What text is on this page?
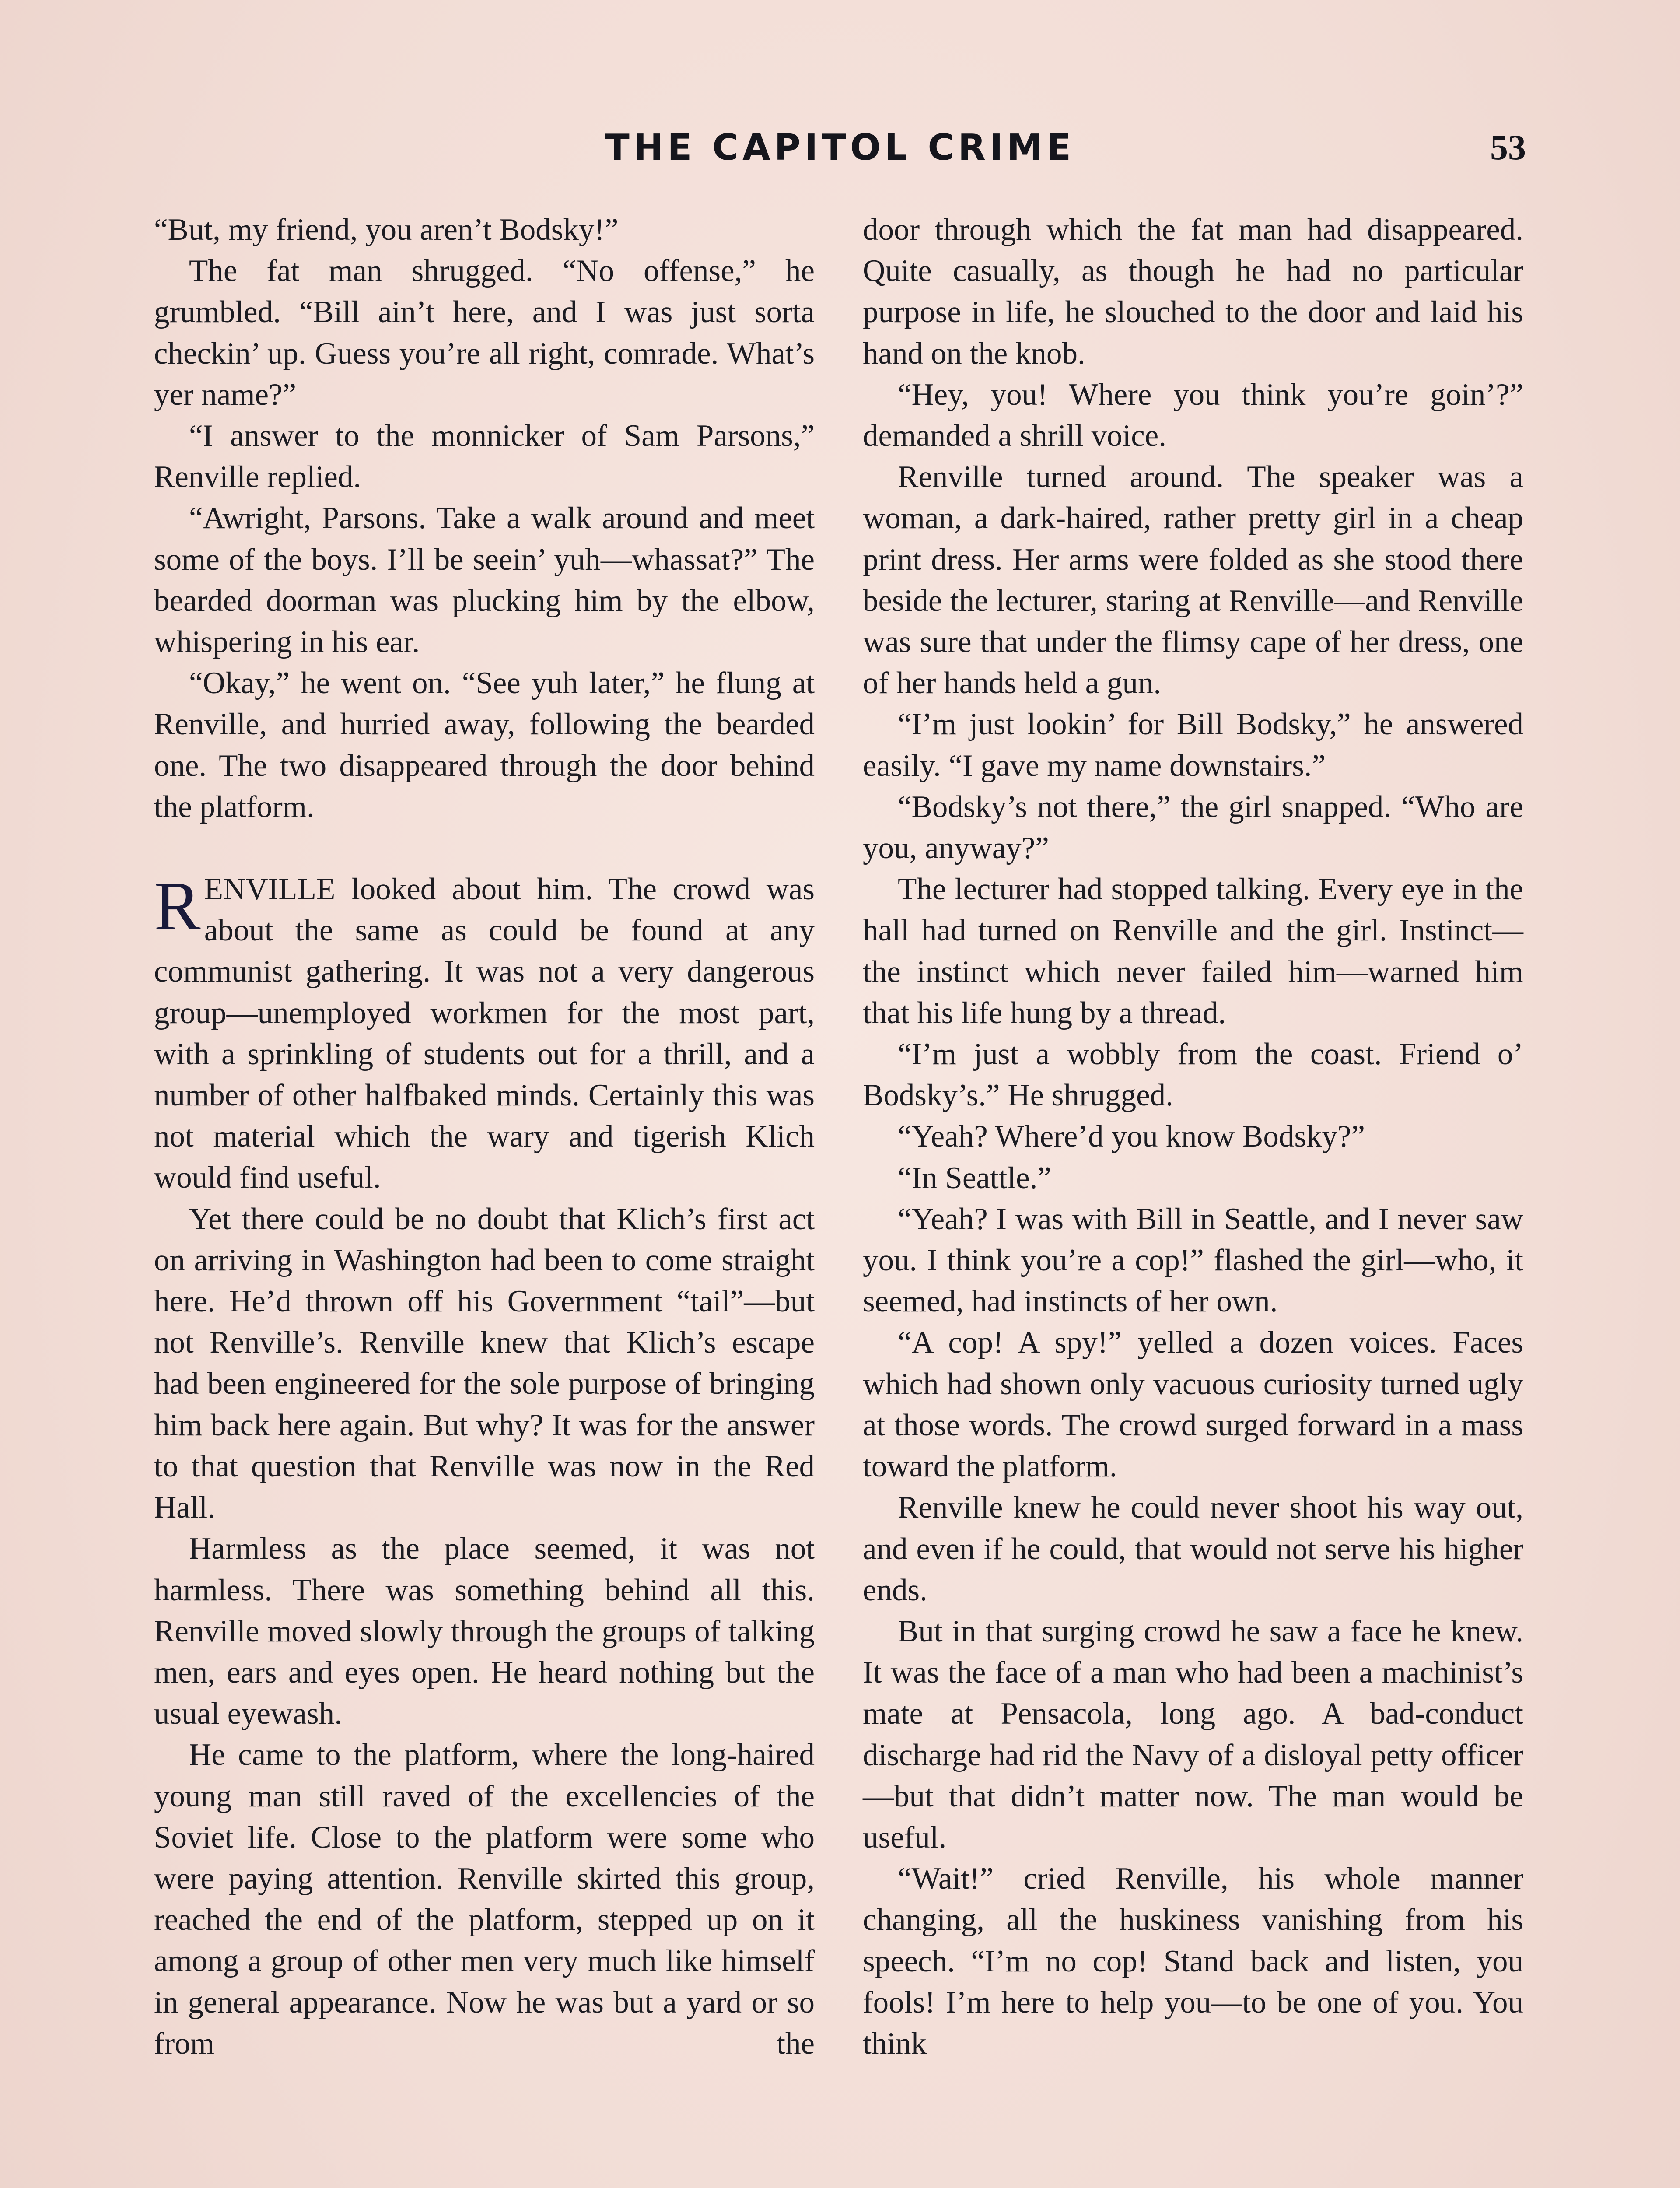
THE CAPITOL CRIME	53

“But, my friend, you aren’t Bodsky!”

The fat man shrugged. “No offense,” he grumbled. “Bill ain’t here, and I was just sorta checkin’ up. Guess you’re all right, comrade. What’s yer name?”

“I answer to the monnicker of Sam Parsons,” Renville replied.

“Awright, Parsons. Take a walk around and meet some of the boys. I’ll be seein’ yuh—whassat?” The bearded doorman was plucking him by the elbow, whispering in his ear.

“Okay,” he went on. “See yuh later,” he flung at Renville, and hurried away, following the bearded one. The two disappeared through the door behind the platform.

RENVILLE looked about him. The crowd was about the same as could be found at any communist gathering. It was not a very dangerous group—unemployed workmen for the most part, with a sprinkling of students out for a thrill, and a number of other halfbaked minds. Certainly this was not material which the wary and tigerish Klich would find useful.

Yet there could be no doubt that Klich’s first act on arriving in Washington had been to come straight here. He’d thrown off his Government “tail”—but not Renville’s. Renville knew that Klich’s escape had been engineered for the sole purpose of bringing him back here again. But why? It was for the answer to that question that Renville was now in the Red Hall.

Harmless as the place seemed, it was not harmless. There was something behind all this. Renville moved slowly through the groups of talking men, ears and eyes open. He heard nothing but the usual eyewash.

He came to the platform, where the long-haired young man still raved of the excellencies of the Soviet life. Close to the platform were some who were paying attention. Renville skirted this group, reached the end of the platform, stepped up on it among a group of other men very much like himself in general appearance. Now he was but a yard or so from the

door through which the fat man had disappeared. Quite casually, as though he had no particular purpose in life, he slouched to the door and laid his hand on the knob.

“Hey, you! Where you think you’re goin’?” demanded a shrill voice.

Renville turned around. The speaker was a woman, a dark-haired, rather pretty girl in a cheap print dress. Her arms were folded as she stood there beside the lecturer, staring at Renville—and Renville was sure that under the flimsy cape of her dress, one of her hands held a gun.

“I’m just lookin’ for Bill Bodsky,” he answered easily. “I gave my name downstairs.”

“Bodsky’s not there,” the girl snapped. “Who are you, anyway?”

The lecturer had stopped talking. Every eye in the hall had turned on Renville and the girl. Instinct—the instinct which never failed him—warned him that his life hung by a thread.

“I’m just a wobbly from the coast. Friend o’ Bodsky’s.” He shrugged.

“Yeah? Where’d you know Bodsky?”

“In Seattle.”

“Yeah? I was with Bill in Seattle, and I never saw you. I think you’re a cop!” flashed the girl—who, it seemed, had instincts of her own.

“A cop! A spy!” yelled a dozen voices. Faces which had shown only vacuous curiosity turned ugly at those words. The crowd surged forward in a mass toward the platform.

Renville knew he could never shoot his way out, and even if he could, that would not serve his higher ends.

But in that surging crowd he saw a face he knew. It was the face of a man who had been a machinist’s mate at Pensacola, long ago. A bad-conduct discharge had rid the Navy of a disloyal petty officer—but that didn’t matter now. The man would be useful.

“Wait!” cried Renville, his whole manner changing, all the huskiness vanishing from his speech. “I’m no cop! Stand back and listen, you fools! I’m here to help you—to be one of you. You think
